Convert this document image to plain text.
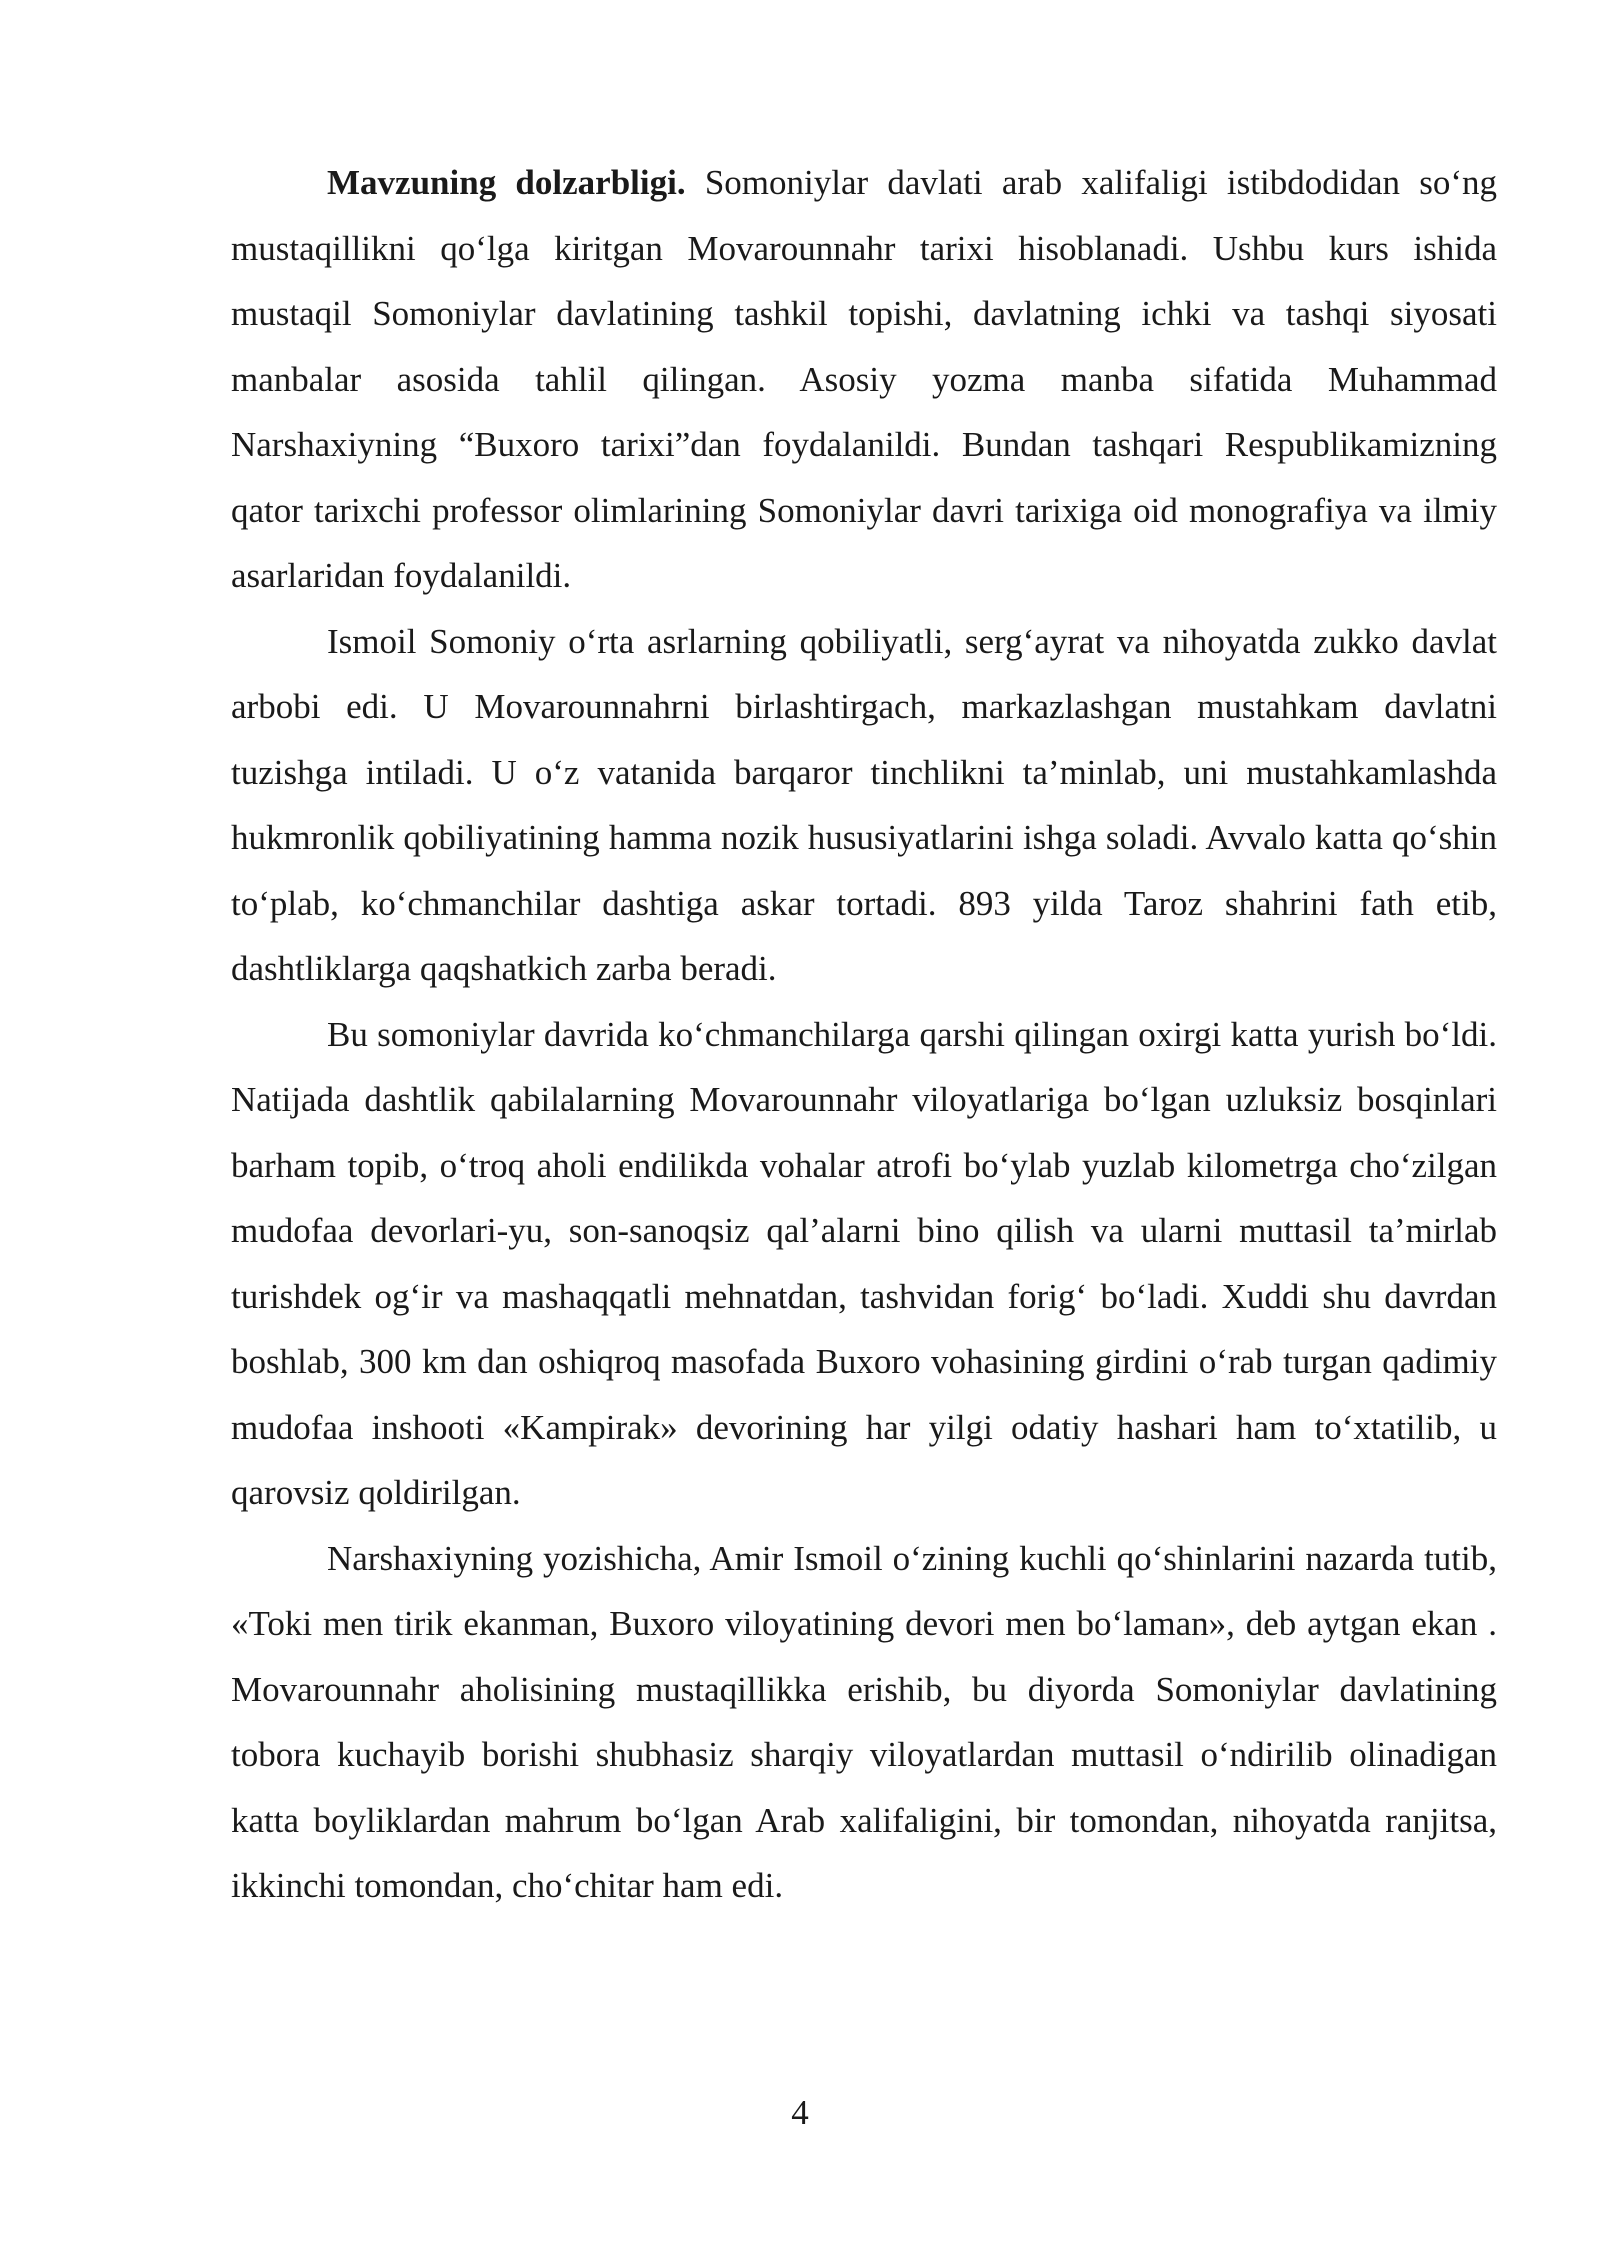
Mavzuning dolzarbligi. Somoniylar davlati arab xalifaligi istibdodidan so‘ng mustaqillikni qo‘lga kiritgan Movarounnahr tarixi hisoblanadi. Ushbu kurs ishida mustaqil Somoniylar davlatining tashkil topishi, davlatning ichki va tashqi siyosati manbalar asosida tahlil qilingan. Asosiy yozma manba sifatida Muhammad Narshaxiyning “Buxoro tarixi”dan foydalanildi. Bundan tashqari Respublikamizning qator tarixchi professor olimlarining Somoniylar davri tarixiga oid monografiya va ilmiy asarlaridan foydalanildi.

Ismoil Somoniy o‘rta asrlarning qobiliyatli, serg‘ayrat va nihoyatda zukko davlat arbobi edi. U Movarounnahrni birlashtirgach, markazlashgan mustahkam davlatni tuzishga intiladi. U o‘z vatanida barqaror tinchlikni ta’minlab, uni mustahkamlashda hukmronlik qobiliyatining hamma nozik hususiyatlarini ishga soladi. Avvalo katta qo‘shin to‘plab, ko‘chmanchilar dashtiga askar tortadi. 893 yilda Taroz shahrini fath etib, dashtliklarga qaqshatkich zarba beradi.

Bu somoniylar davrida ko‘chmanchilarga qarshi qilingan oxirgi katta yurish bo‘ldi. Natijada dashtlik qabilalarning Movarounnahr viloyatlariga bo‘lgan uzluksiz bosqinlari barham topib, o‘troq aholi endilikda vohalar atrofi bo‘ylab yuzlab kilometrga cho‘zilgan mudofaa devorlari-yu, son-sanoqsiz qal’alarni bino qilish va ularni muttasil ta’mirlab turishdek og‘ir va mashaqqatli mehnatdan, tashvidan forig‘ bo‘ladi. Xuddi shu davrdan boshlab, 300 km dan oshiqroq masofada Buxoro vohasining girdini o‘rab turgan qadimiy mudofaa inshooti «Kampirak» devorining har yilgi odatiy hashari ham to‘xtatilib, u qarovsiz qoldirilgan.

Narshaxiyning yozishicha, Amir Ismoil o‘zining kuchli qo‘shinlarini nazarda tutib, «Toki men tirik ekanman, Buxoro viloyatining devori men bo‘laman», deb aytgan ekan . Movarounnahr aholisining mustaqillikka erishib, bu diyorda Somoniylar davlatining tobora kuchayib borishi shubhasiz sharqiy viloyatlardan muttasil o‘ndirilib olinadigan katta boyliklardan mahrum bo‘lgan Arab xalifaligini, bir tomondan, nihoyatda ranjitsa, ikkinchi tomondan, cho‘chitar ham edi.

4
